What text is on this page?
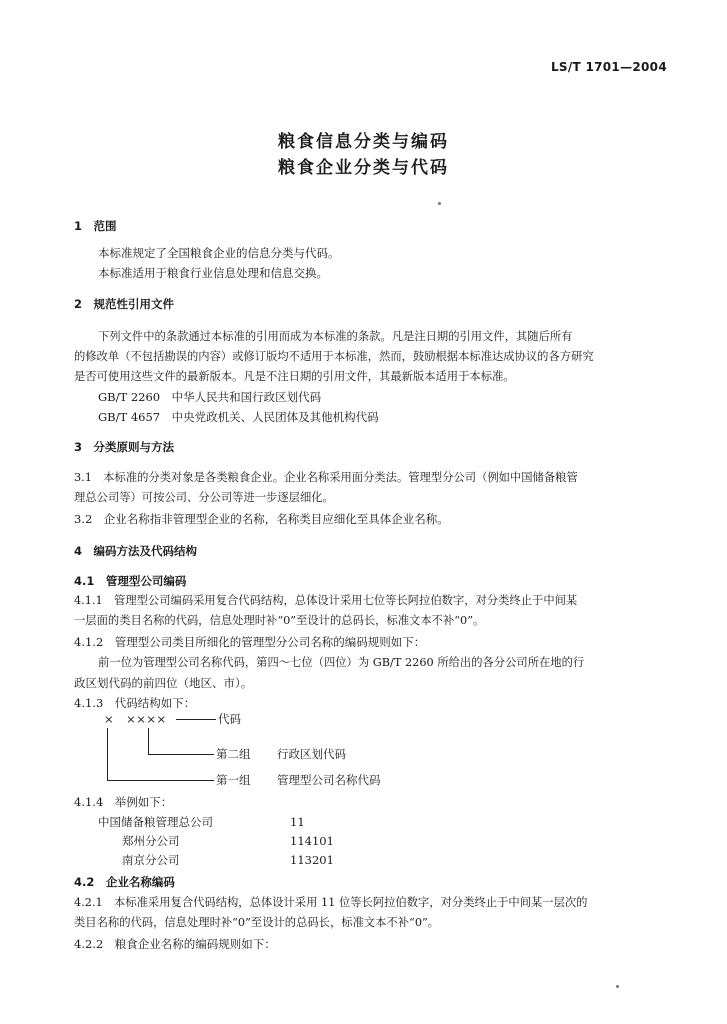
LS/T 1701—2004
粮食信息分类与编码
粮食企业分类与代码
1　范围
本标准规定了全国粮食企业的信息分类与代码。
本标准适用于粮食行业信息处理和信息交换。
2　规范性引用文件
下列文件中的条款通过本标准的引用而成为本标准的条款。凡是注日期的引用文件，其随后所有
的修改单（不包括勘误的内容）或修订版均不适用于本标准，然而，鼓励根据本标准达成协议的各方研究
是否可使用这些文件的最新版本。凡是不注日期的引用文件，其最新版本适用于本标准。
GB/T 2260　中华人民共和国行政区划代码
GB/T 4657　中央党政机关、人民团体及其他机构代码
3　分类原则与方法
3.1　本标准的分类对象是各类粮食企业。企业名称采用面分类法。管理型分公司（例如中国储备粮管
理总公司等）可按公司、分公司等进一步逐层细化。
3.2　企业名称指非管理型企业的名称，名称类目应细化至具体企业名称。
4　编码方法及代码结构
4.1　管理型公司编码
4.1.1　管理型公司编码采用复合代码结构，总体设计采用七位等长阿拉伯数字，对分类终止于中间某
一层面的类目名称的代码，信息处理时补“0”至设计的总码长，标准文本不补“0”。
4.1.2　管理型公司类目所细化的管理型分公司名称的编码规则如下：
前一位为管理型公司名称代码，第四～七位（四位）为 GB/T 2260 所给出的各分公司所在地的行
政区划代码的前四位（地区、市）。
4.1.3　代码结构如下：
×　××××	代码
第二组 行政区划代码
第一组 管理型公司名称代码
4.1.4　举例如下：
中国储备粮管理总公司	11
郑州分公司	114101
南京分公司	113201
4.2　企业名称编码
4.2.1　本标准采用复合代码结构，总体设计采用 11 位等长阿拉伯数字，对分类终止于中间某一层次的
类目名称的代码，信息处理时补“0”至设计的总码长，标准文本不补“0”。
4.2.2　粮食企业名称的编码规则如下：
